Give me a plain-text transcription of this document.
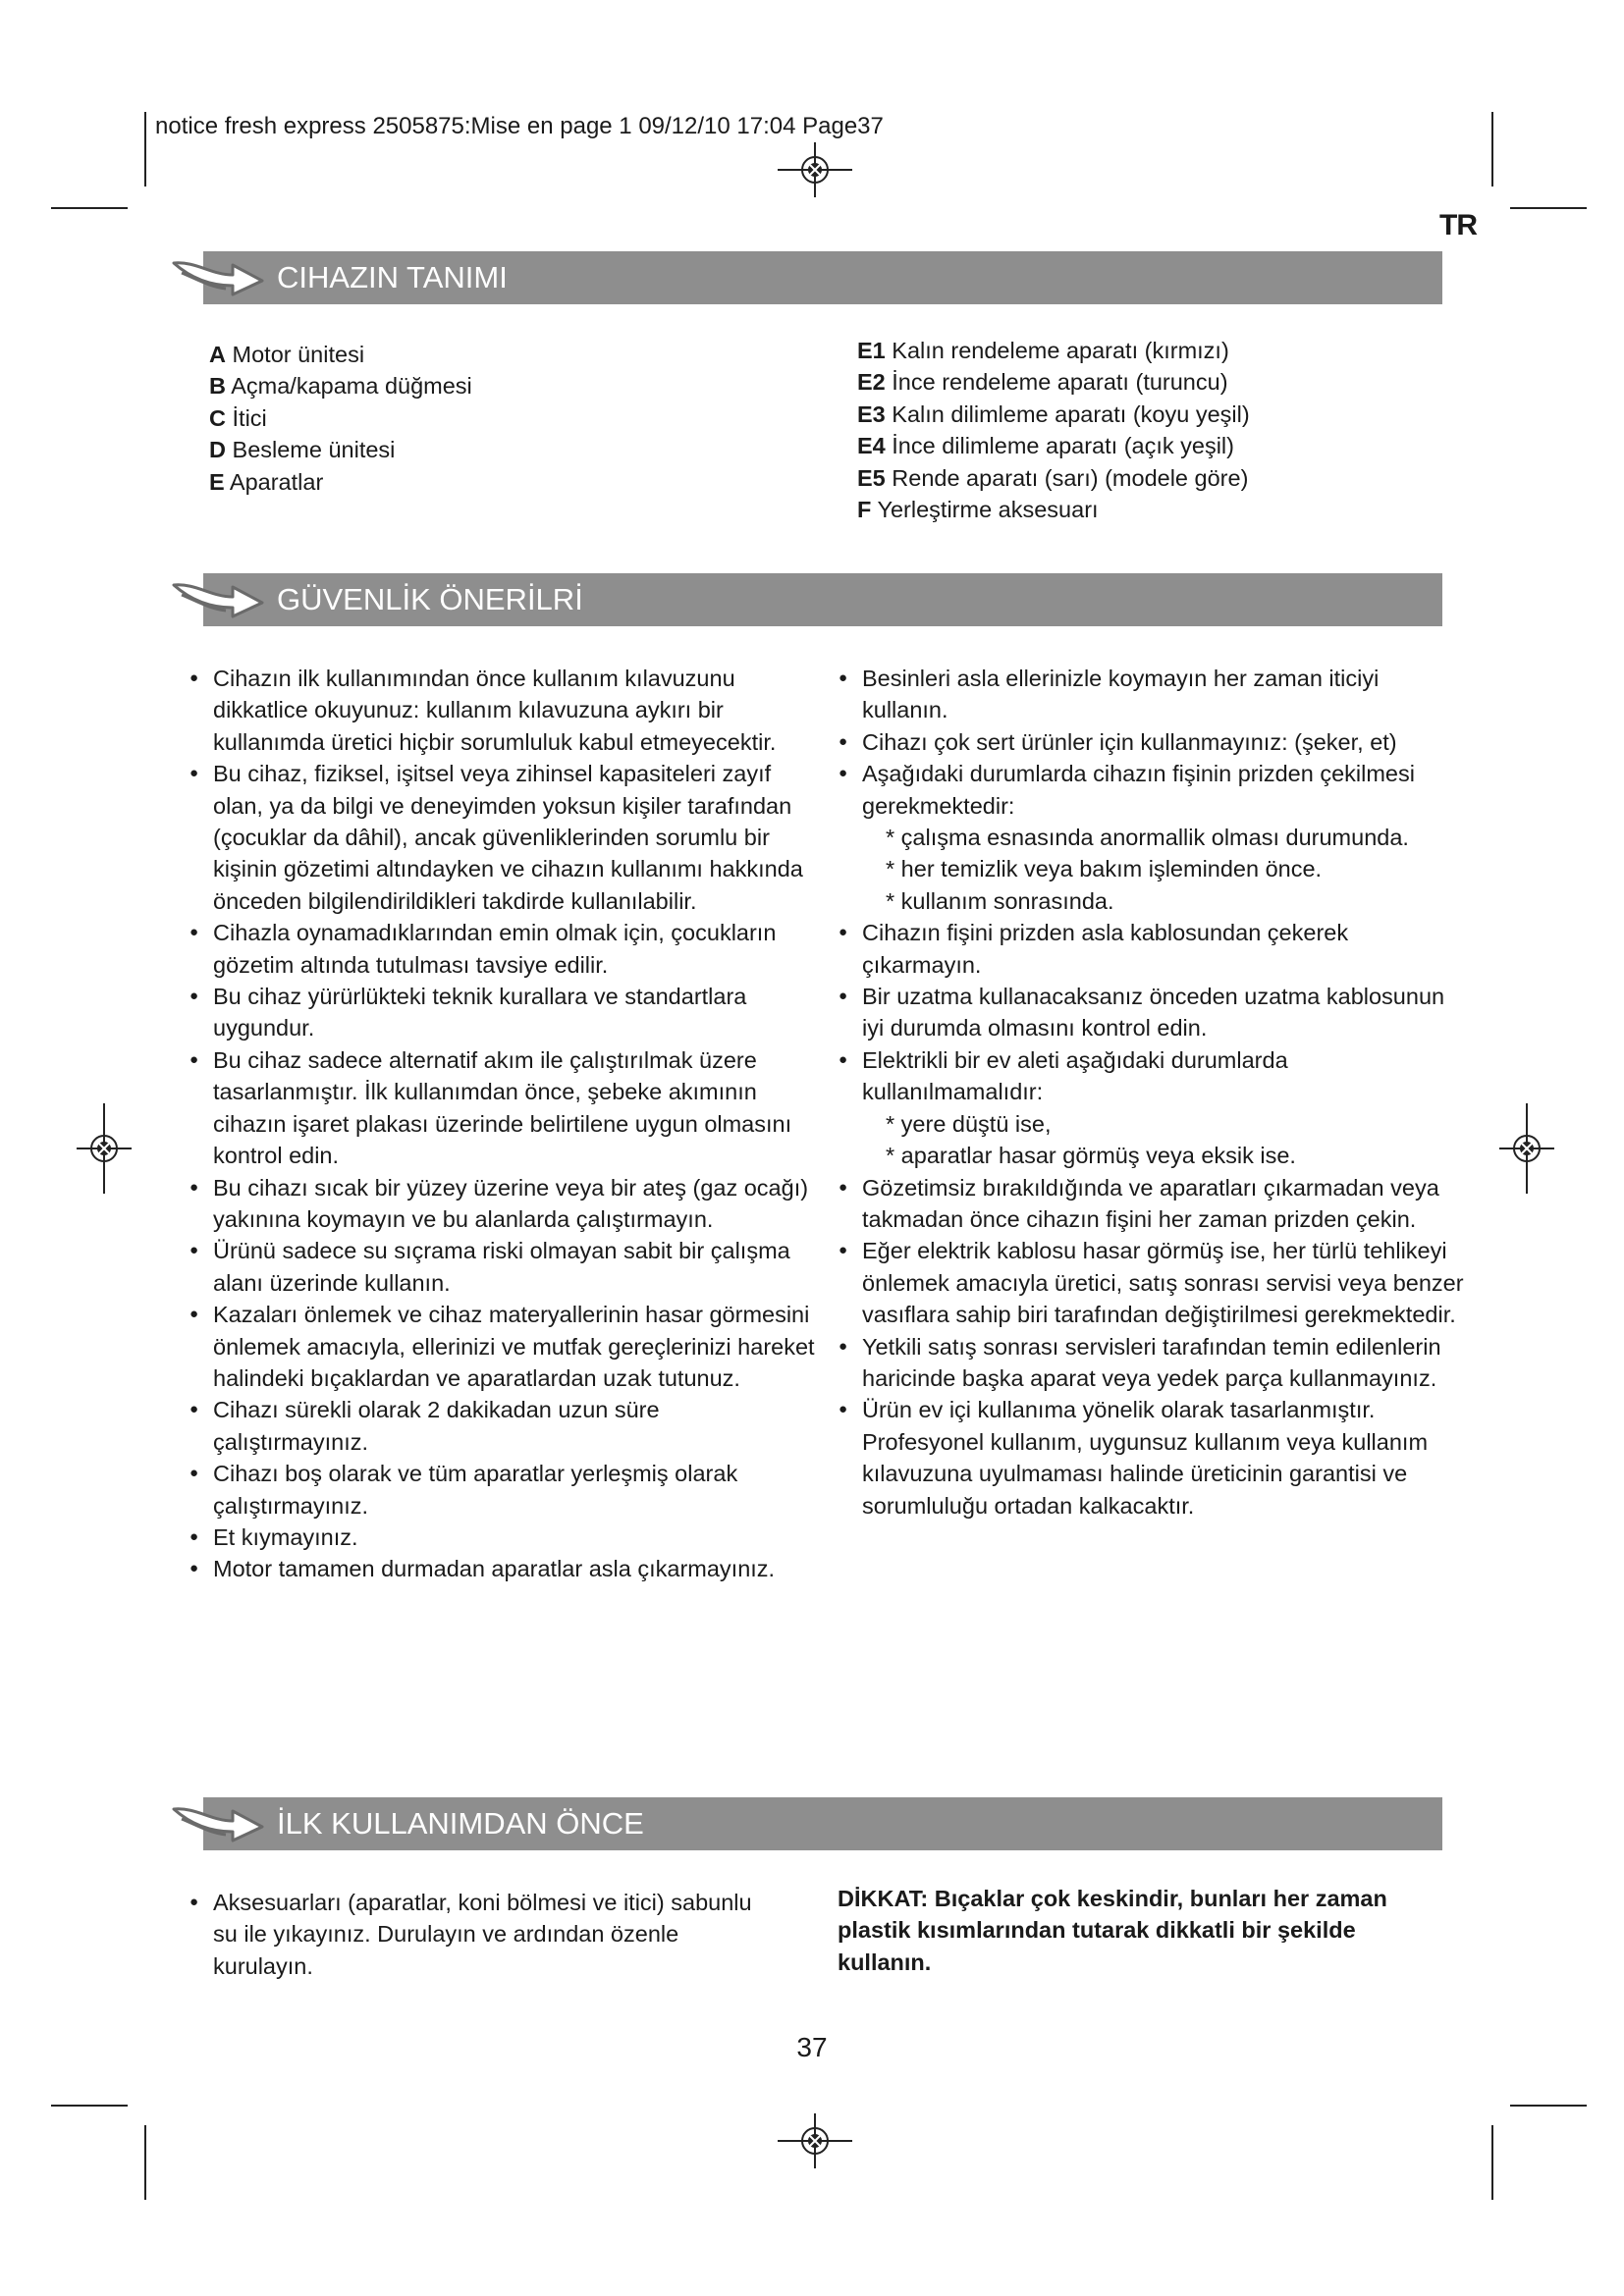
notice fresh express 2505875:Mise en page 1 09/12/10 17:04 Page37
TR
CIHAZIN TANIMI
A Motor ünitesi
B Açma/kapama düğmesi
C İtici
D Besleme ünitesi
E Aparatlar
E1 Kalın rendeleme aparatı (kırmızı)
E2 İnce rendeleme aparatı (turuncu)
E3 Kalın dilimleme aparatı (koyu yeşil)
E4 İnce dilimleme aparatı (açık yeşil)
E5 Rende aparatı (sarı) (modele göre)
F Yerleştirme aksesuarı
GÜVENLİK ÖNERİLRİ
● Cihazın ilk kullanımından önce kullanım kılavuzunu dikkatlice okuyunuz: kullanım kılavuzuna aykırı bir kullanımda üretici hiçbir sorumluluk kabul etmeyecektir.
● Bu cihaz, fiziksel, işitsel veya zihinsel kapasiteleri zayıf olan, ya da bilgi ve deneyimden yoksun kişiler tarafından (çocuklar da dâhil), ancak güvenliklerinden sorumlu bir kişinin gözetimi altındayken ve cihazın kullanımı hakkında önceden bilgilendirildikleri takdirde kullanılabilir.
● Cihazla oynamadıklarından emin olmak için, çocukların gözetim altında tutulması tavsiye edilir.
● Bu cihaz yürürlükteki teknik kurallara ve standartlara uygundur.
● Bu cihaz sadece alternatif akım ile çalıştırılmak üzere tasarlanmıştır. İlk kullanımdan önce, şebeke akımının cihazın işaret plakası üzerinde belirtilene uygun olmasını kontrol edin.
● Bu cihazı sıcak bir yüzey üzerine veya bir ateş (gaz ocağı) yakınına koymayın ve bu alanlarda çalıştırmayın.
● Ürünü sadece su sıçrama riski olmayan sabit bir çalışma alanı üzerinde kullanın.
● Kazaları önlemek ve cihaz materyallerinin hasar görmesini önlemek amacıyla, ellerinizi ve mutfak gereçlerinizi hareket halindeki bıçaklardan ve aparatlardan uzak tutunuz.
● Cihazı sürekli olarak 2 dakikadan uzun süre çalıştırmayınız.
● Cihazı boş olarak ve tüm aparatlar yerleşmiş olarak çalıştırmayınız.
● Et kıymayınız.
● Motor tamamen durmadan aparatlar asla çıkarmayınız.
● Besinleri asla ellerinizle koymayın her zaman iticiyi kullanın.
● Cihazı çok sert ürünler için kullanmayınız: (şeker, et)
● Aşağıdaki durumlarda cihazın fişinin prizden çekilmesi gerekmektedir:
* çalışma esnasında anormallik olması durumunda.
* her temizlik veya bakım işleminden önce.
* kullanım sonrasında.
● Cihazın fişini prizden asla kablosundan çekerek çıkarmayın.
● Bir uzatma kullanacaksanız önceden uzatma kablosunun iyi durumda olmasını kontrol edin.
● Elektrikli bir ev aleti aşağıdaki durumlarda kullanılmamalıdır:
* yere düştü ise,
* aparatlar hasar görmüş veya eksik ise.
● Gözetimsiz bırakıldığında ve aparatları çıkarmadan veya takmadan önce cihazın fişini her zaman prizden çekin.
● Eğer elektrik kablosu hasar görmüş ise, her türlü tehlikeyi önlemek amacıyla üretici, satış sonrası servisi veya benzer vasıflara sahip biri tarafından değiştirilmesi gerekmektedir.
● Yetkili satış sonrası servisleri tarafından temin edilenlerin haricinde başka aparat veya yedek parça kullanmayınız.
● Ürün ev içi kullanıma yönelik olarak tasarlanmıştır. Profesyonel kullanım, uygunsuz kullanım veya kullanım kılavuzuna uyulmaması halinde üreticinin garantisi ve sorumluluğu ortadan kalkacaktır.
İLK KULLANIMDAN ÖNCE
● Aksesuarları (aparatlar, koni bölmesi ve itici) sabunlu su ile yıkayınız. Durulayın ve ardından özenle kurulayın.
DİKKAT: Bıçaklar çok keskindir, bunları her zaman plastik kısımlarından tutarak dikkatli bir şekilde kullanın.
37
